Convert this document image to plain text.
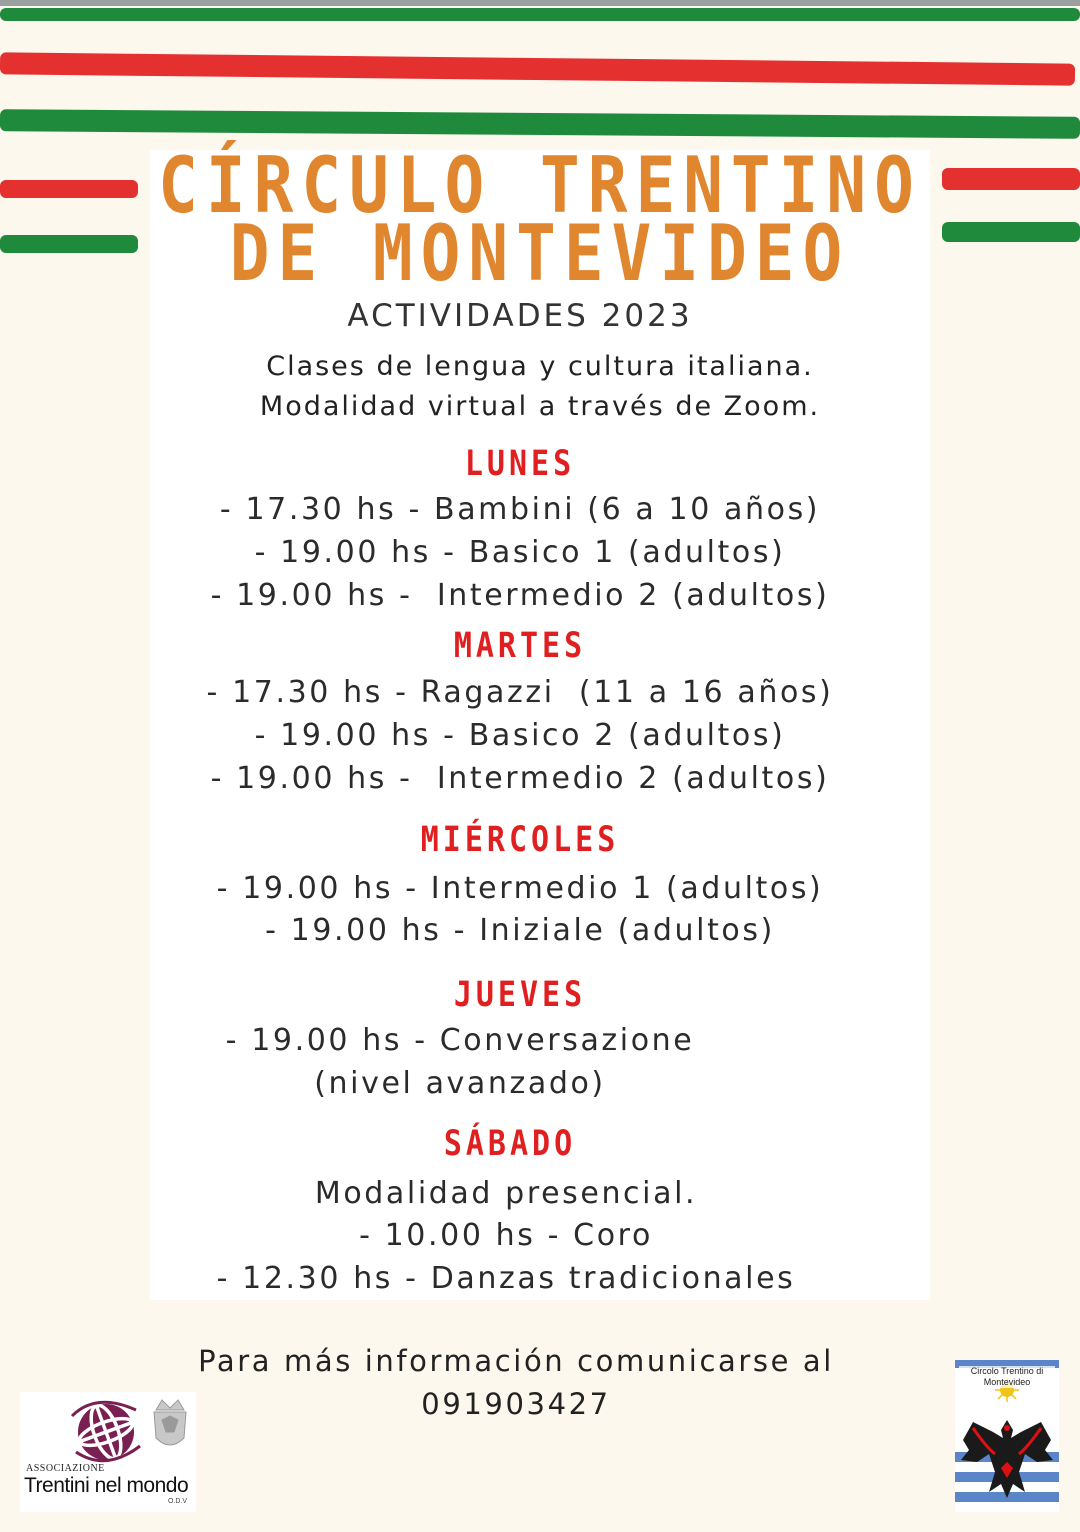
CÍRCULO TRENTINO
DE MONTEVIDEO
ACTIVIDADES 2023
Clases de lengua y cultura italiana.
Modalidad virtual a través de Zoom.
LUNES
- 17.30 hs - Bambini (6 a 10 años)
- 19.00 hs - Basico 1 (adultos)
- 19.00 hs -  Intermedio 2 (adultos)
MARTES
- 17.30 hs - Ragazzi  (11 a 16 años)
- 19.00 hs - Basico 2 (adultos)
- 19.00 hs -  Intermedio 2 (adultos)
MIÉRCOLES
- 19.00 hs - Intermedio 1 (adultos)
- 19.00 hs - Iniziale (adultos)
JUEVES
- 19.00 hs - Conversazione
(nivel avanzado)
SÁBADO
Modalidad presencial.
- 10.00 hs - Coro
- 12.30 hs - Danzas tradicionales
Para más información comunicarse al
091903427
ASSOCIAZIONE
Trentini nel mondo
O.D.V
Circolo Trentino di Montevideo
